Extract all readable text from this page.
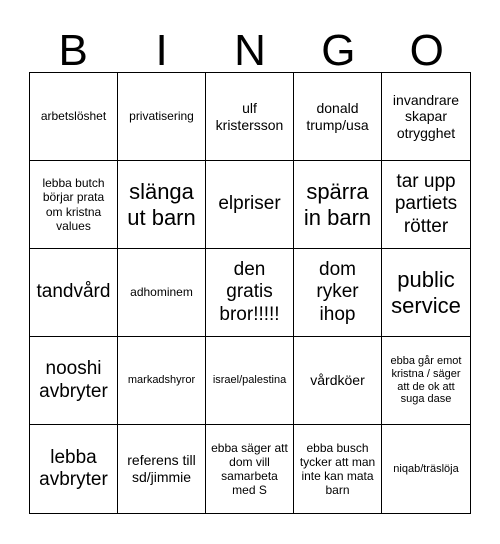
B	I	N	G	O
arbetslöshet privatisering
ulf kristersson
donald trump/usa
invandrare skapar otrygghet
lebba butch börjar prata om kristna values
slänga ut barn
elpriser
spärra in barn
tar upp partiets rötter
tandvård adhominem
den gratis bror!!!!!
dom ryker ihop
public service
nooshi avbryter
markadshyror israel/palestina vårdköer
ebba går emot kristna / säger att de ok att suga dase
lebba avbryter
referens till sd/jimmie
ebba säger att dom vill samarbeta med S
ebba busch tycker att man inte kan mata barn
niqab/träslöja
